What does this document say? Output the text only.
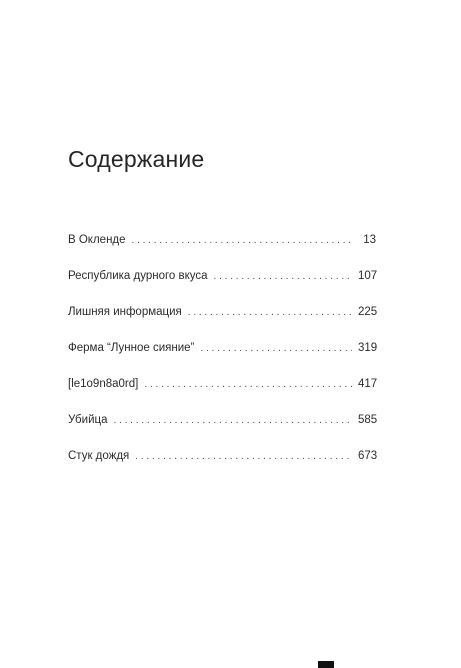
Содержание
В Окленде . . .	13
Республика дурного вкуса . . .	107
Лишняя информация . . .	225
Ферма “Лунное сияние” . . .	319
[le1o9n8a0rd] . . .	417
Убийца . . .	585
Стук дождя . . .	673
